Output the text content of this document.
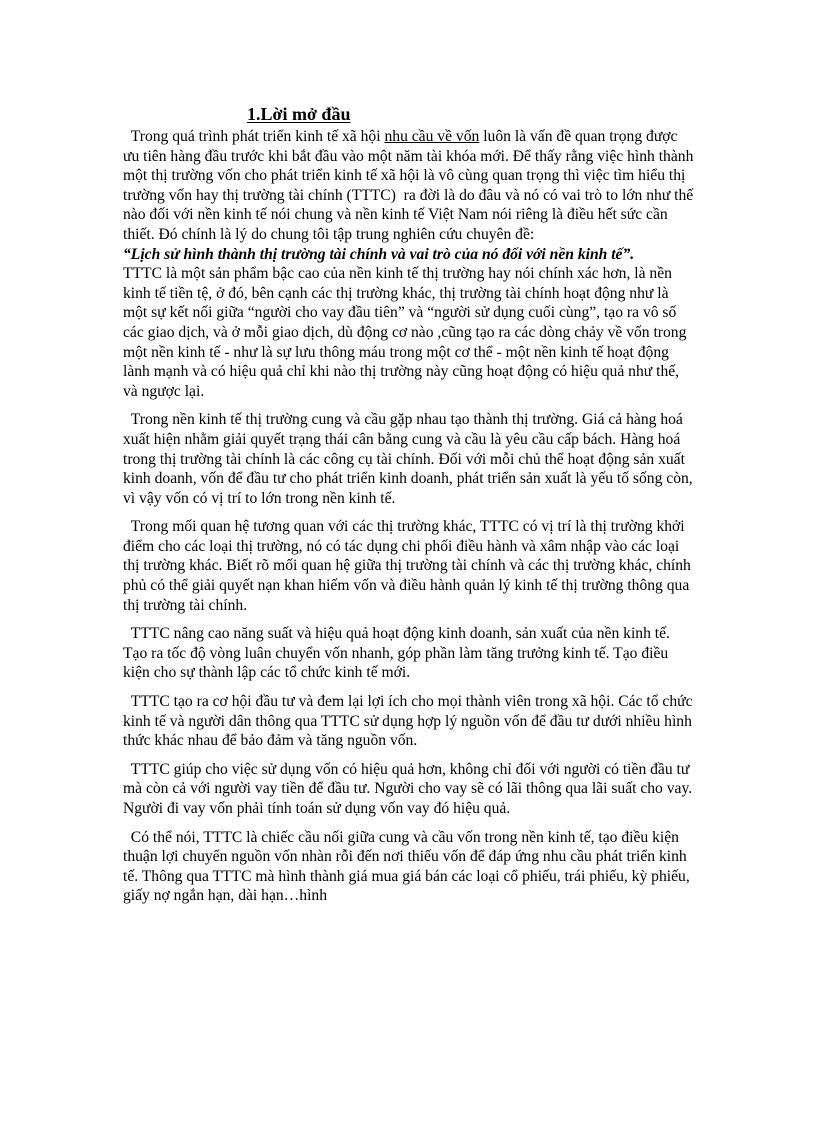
1.Lời mở đầu

Trong quá trình phát triển kinh tế xã hội nhu cầu về vốn luôn là vấn đề quan trọng được ưu tiên hàng đầu trước khi bắt đầu vào một năm tài khóa mới. Để thấy rằng việc hình thành một thị trường vốn cho phát triển kinh tế xã hội là vô cùng quan trọng thì việc tìm hiểu thị trường vốn hay thị trường tài chính (TTTC)  ra đời là do đâu và nó có vai trò to lớn như thế nào đối với nền kinh tế nói chung và nền kinh tế Việt Nam nói riêng là điều hết sức cần thiết. Đó chính là lý do chung tôi tập trung nghiên cứu chuyên đề:

“Lịch sử hình thành thị trường tài chính và vai trò của nó đối với nền kinh tế”.

TTTC là một sản phẩm bậc cao của nền kinh tế thị trường hay nói chính xác hơn, là nền kinh tế tiền tệ, ở đó, bên cạnh các thị trường khác, thị trường tài chính hoạt động như là một sự kết nối giữa “người cho vay đầu tiên” và “người sử dụng cuối cùng”, tạo ra vô số các giao dịch, và ở mỗi giao dịch, dù động cơ nào ,cũng tạo ra các dòng chảy về vốn trong một nền kinh tế - như là sự lưu thông máu trong một cơ thể - một nền kinh tế hoạt động lành mạnh và có hiệu quả chỉ khi nào thị trường này cũng hoạt động có hiệu quả như thế, và ngược lại.

Trong nền kinh tế thị trường cung và cầu gặp nhau tạo thành thị trường. Giá cả hàng hoá xuất hiện nhằm giải quyết trạng thái cân bằng cung và cầu là yêu cầu cấp bách. Hàng hoá trong thị trường tài chính là các công cụ tài chính. Đối với mỗi chủ thể hoạt động sản xuất kinh doanh, vốn để đầu tư cho phát triển kinh doanh, phát triển sản xuất là yếu tố sống còn, vì vậy vốn có vị trí to lớn trong nền kinh tế.

Trong mối quan hệ tương quan với các thị trường khác, TTTC có vị trí là thị trường khởi điểm cho các loại thị trường, nó có tác dụng chi phối điều hành và xâm nhập vào các loại thị trường khác. Biết rõ mối quan hệ giữa thị trường tài chính và các thị trường khác, chính phủ có thể giải quyết nạn khan hiếm vốn và điều hành quản lý kinh tế thị trường thông qua thị trường tài chính.

TTTC nâng cao năng suất và hiệu quả hoạt động kinh doanh, sản xuất của nền kinh tế. Tạo ra tốc độ vòng luân chuyển vốn nhanh, góp phần làm tăng trưởng kinh tế. Tạo điều kiện cho sự thành lập các tổ chức kinh tế mới.

TTTC tạo ra cơ hội đầu tư và đem lại lợi ích cho mọi thành viên trong xã hội. Các tổ chức kinh tế và người dân thông qua TTTC sử dụng hợp lý nguồn vốn để đầu tư dưới nhiều hình thức khác nhau để bảo đảm và tăng nguồn vốn.

TTTC giúp cho việc sử dụng vốn có hiệu quả hơn, không chỉ đối với người có tiền đầu tư mà còn cả với người vay tiền để đầu tư. Người cho vay sẽ có lãi thông qua lãi suất cho vay. Người đi vay vốn phải tính toán sử dụng vốn vay đó hiệu quả.

Có thể nói, TTTC là chiếc cầu nối giữa cung và cầu vốn trong nền kinh tế, tạo điều kiện thuận lợi chuyển nguồn vốn nhàn rỗi đến nơi thiếu vốn để đáp ứng nhu cầu phát triển kinh tế. Thông qua TTTC mà hình thành giá mua giá bán các loại cổ phiếu, trái phiếu, kỳ phiếu, giấy nợ ngắn hạn, dài hạn…hình
